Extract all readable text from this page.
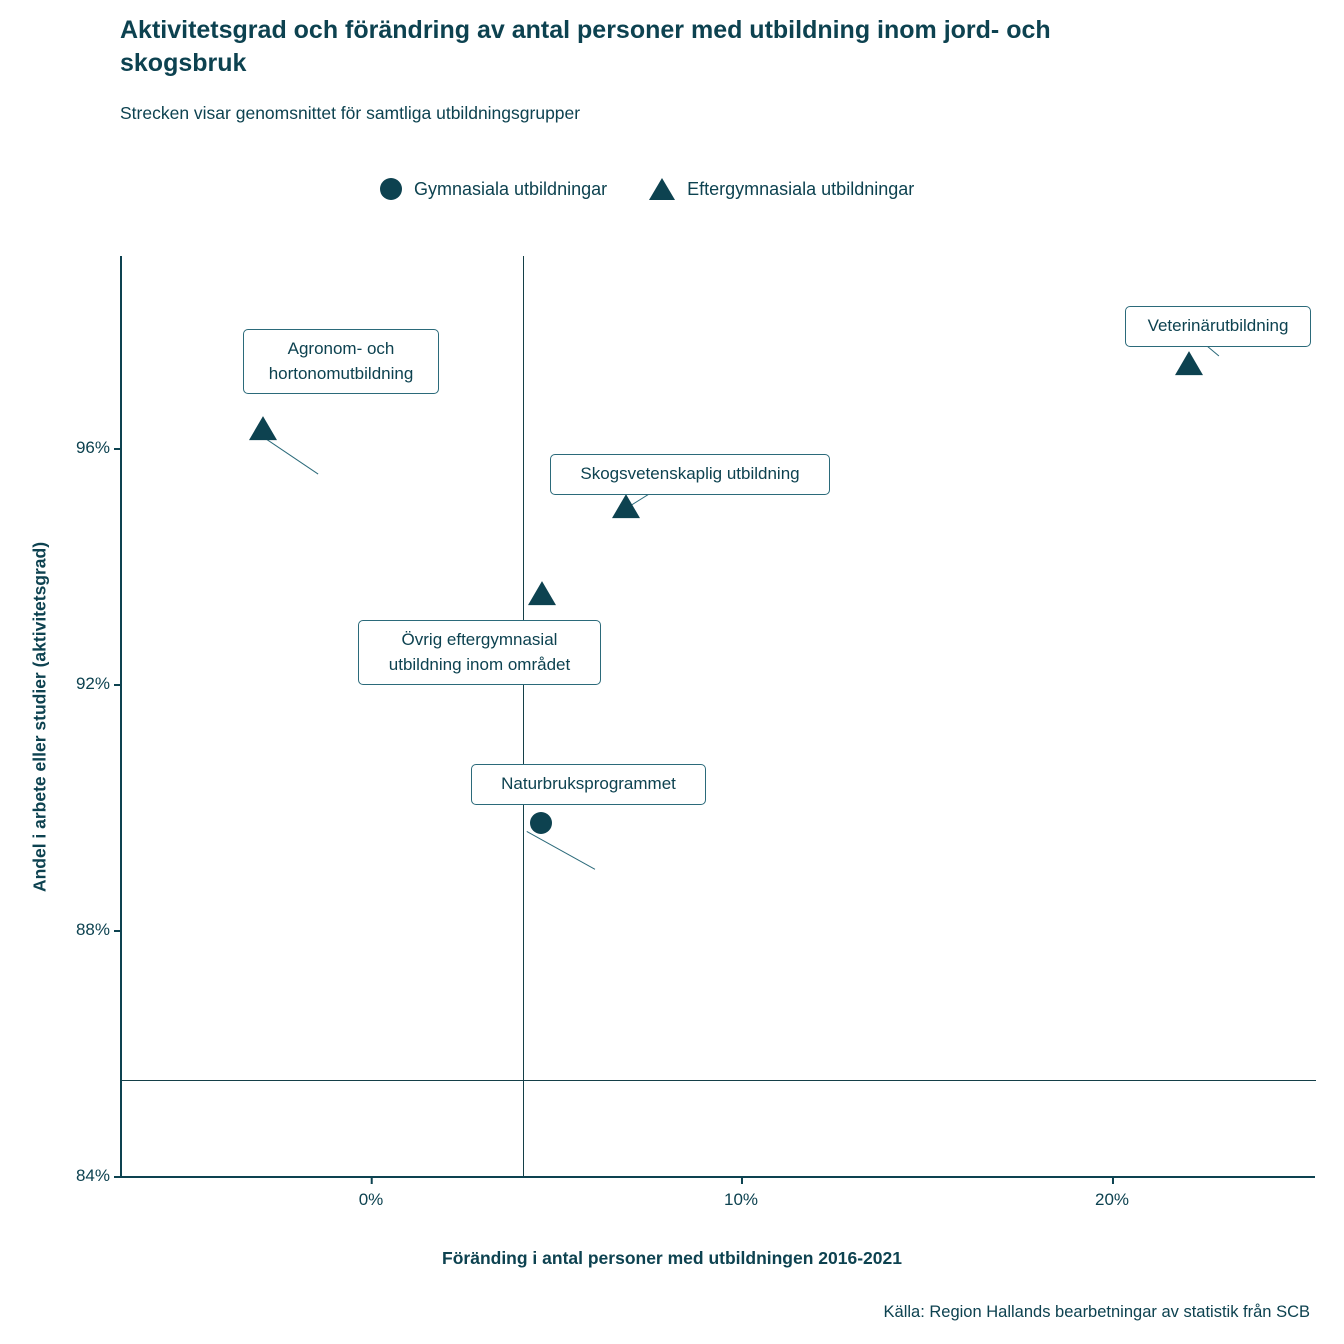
Aktivitetsgrad och förändring av antal personer med utbildning inom jord- och skogsbruk
Strecken visar genomsnittet för samtliga utbildningsgrupper
Gymnasiala utbildningar	Eftergymnasiala utbildningar
Andel i arbete eller studier (aktivitetsgrad)
84%
88%
92%
96%
0%	10%	20%
Veterinärutbildning
Agronom- och hortonomutbildning
Skogsvetenskaplig utbildning
Övrig eftergymnasial utbildning inom området
Naturbruksprogrammet
Föränding i antal personer med utbildningen 2016-2021
Källa: Region Hallands bearbetningar av statistik från SCB
